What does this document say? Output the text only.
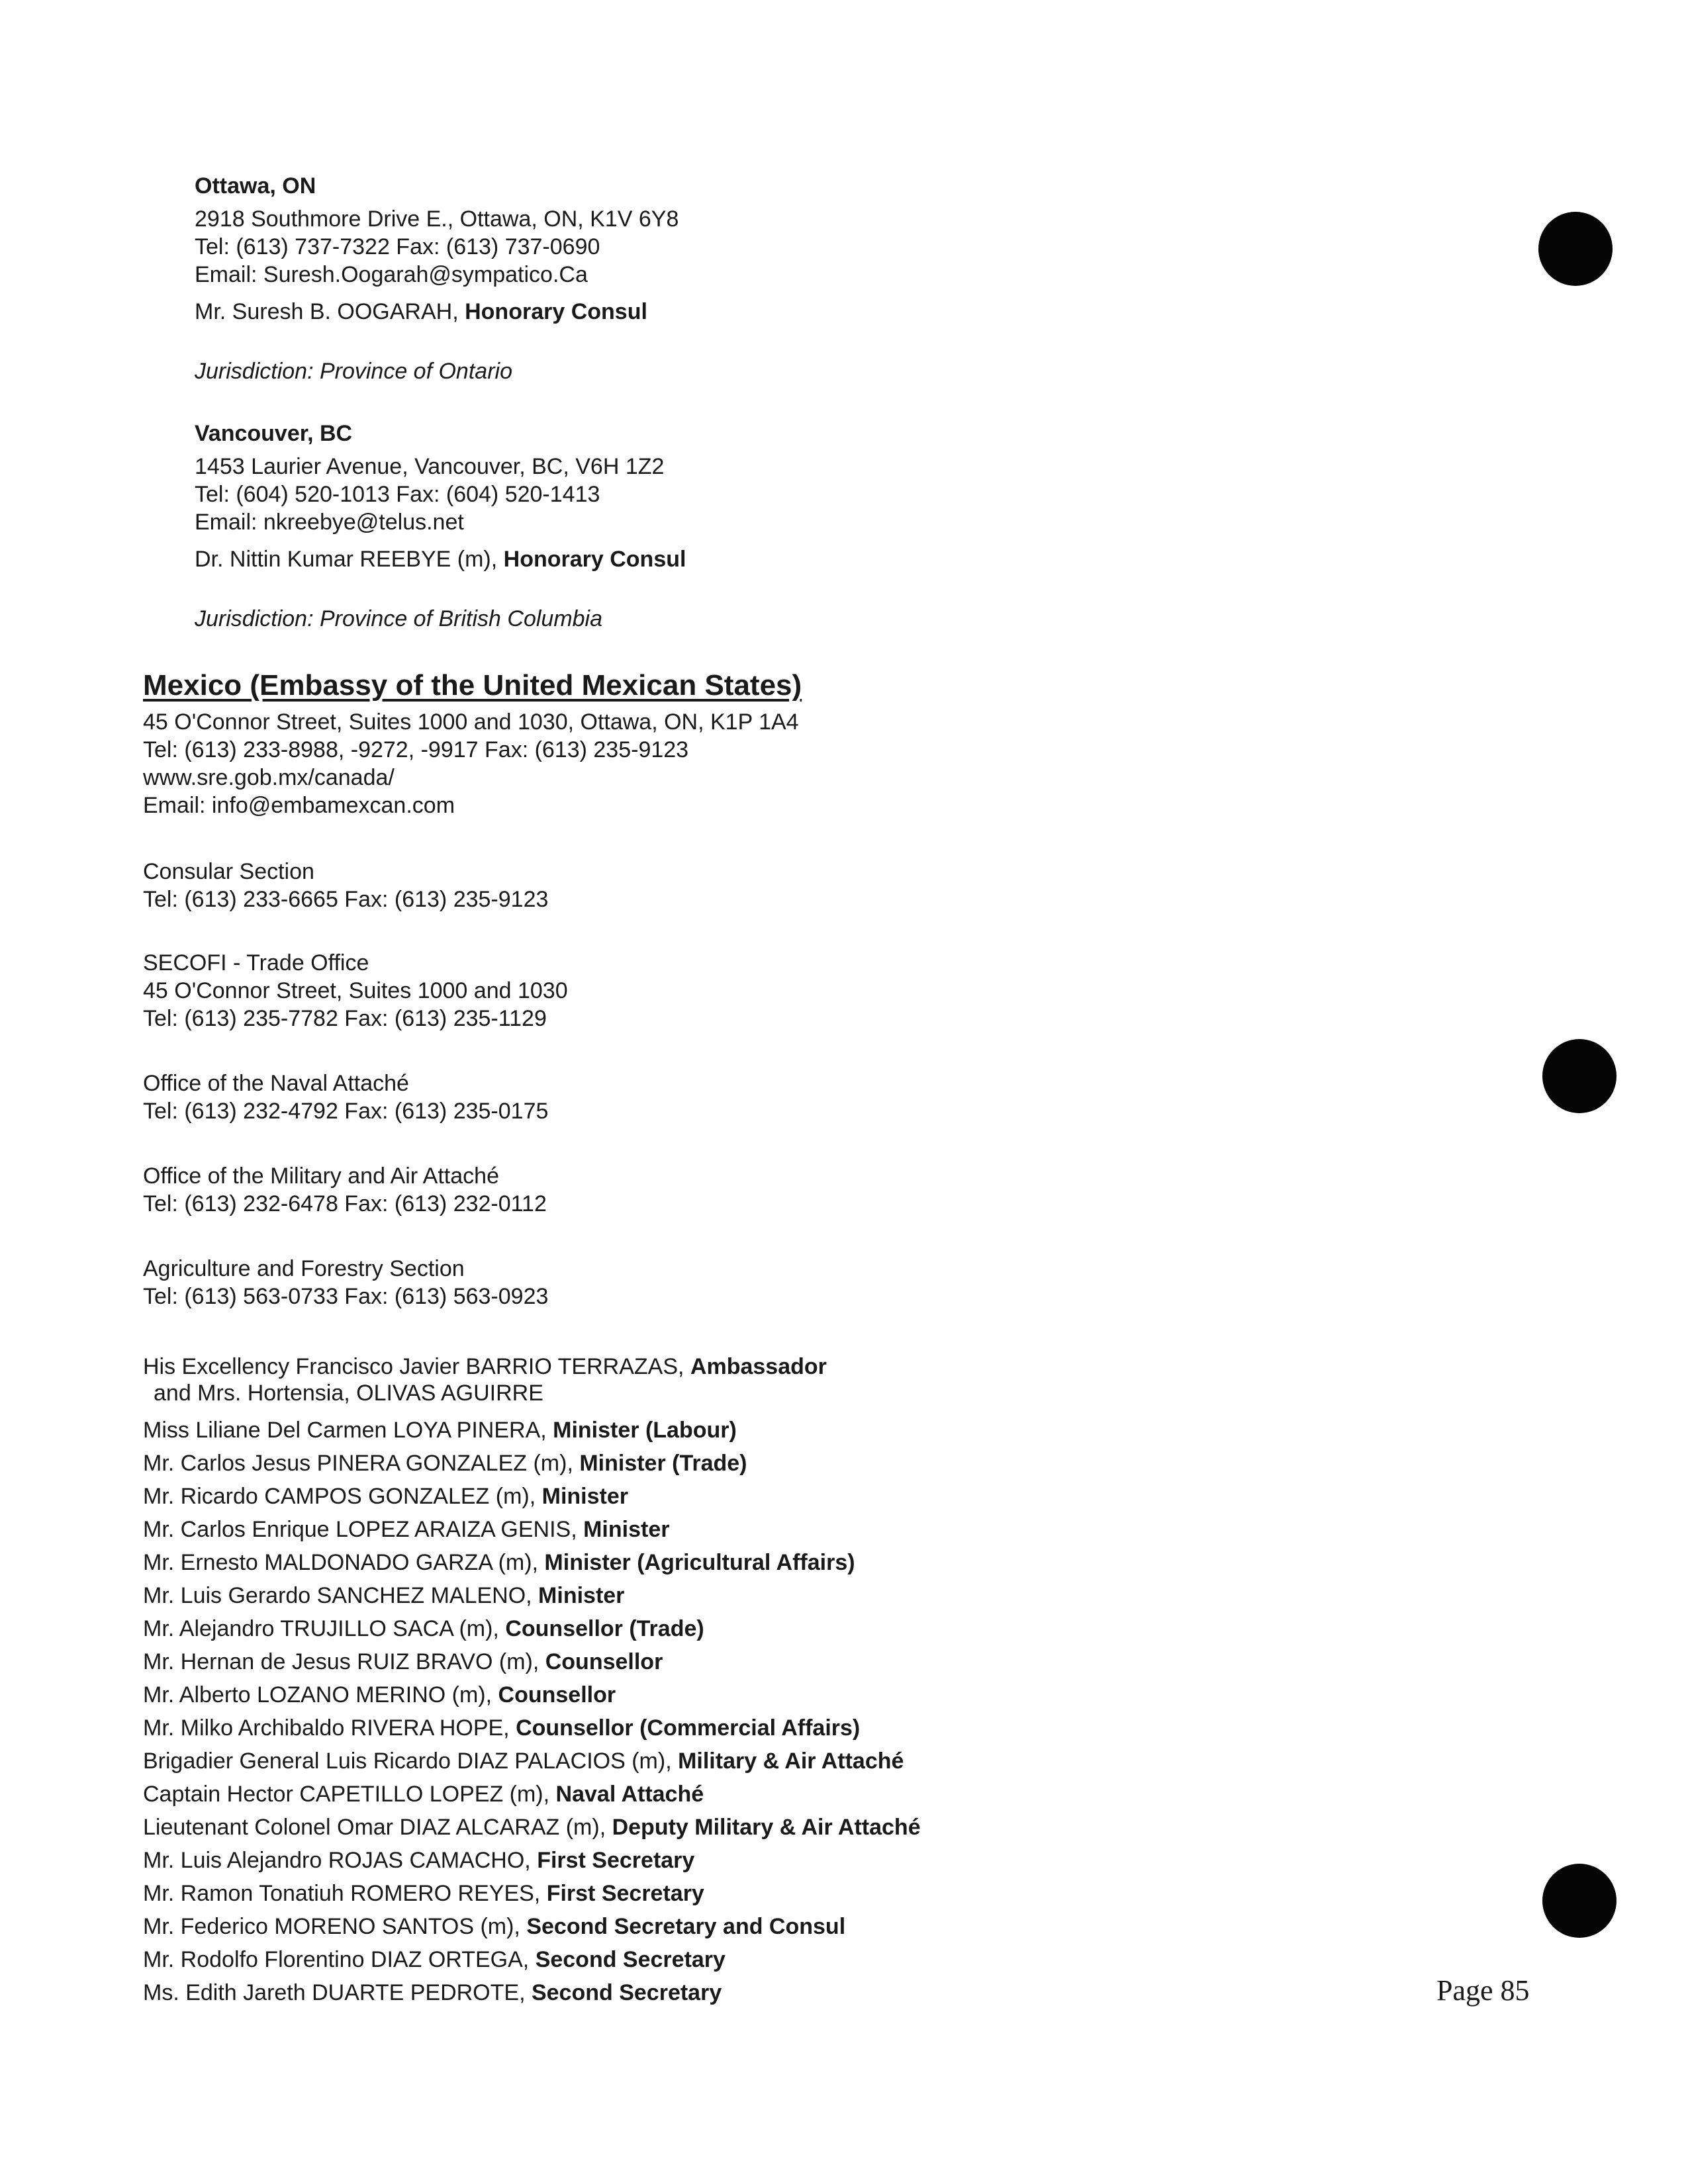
Ottawa, ON
2918 Southmore Drive E., Ottawa, ON, K1V 6Y8
Tel: (613) 737-7322 Fax: (613) 737-0690
Email: Suresh.Oogarah@sympatico.Ca
Mr. Suresh B. OOGARAH, Honorary Consul
Jurisdiction: Province of Ontario
Vancouver, BC
1453 Laurier Avenue, Vancouver, BC, V6H 1Z2
Tel: (604) 520-1013 Fax: (604) 520-1413
Email: nkreebye@telus.net
Dr. Nittin Kumar REEBYE (m), Honorary Consul
Jurisdiction: Province of British Columbia
Mexico (Embassy of the United Mexican States)
45 O'Connor Street, Suites 1000 and 1030, Ottawa, ON, K1P 1A4
Tel: (613) 233-8988, -9272, -9917 Fax: (613) 235-9123
www.sre.gob.mx/canada/
Email: info@embamexcan.com
Consular Section
Tel: (613) 233-6665 Fax: (613) 235-9123
SECOFI - Trade Office
45 O'Connor Street, Suites 1000 and 1030
Tel: (613) 235-7782 Fax: (613) 235-1129
Office of the Naval Attaché
Tel: (613) 232-4792 Fax: (613) 235-0175
Office of the Military and Air Attaché
Tel: (613) 232-6478 Fax: (613) 232-0112
Agriculture and Forestry Section
Tel: (613) 563-0733 Fax: (613) 563-0923
His Excellency Francisco Javier BARRIO TERRAZAS, Ambassador
and Mrs. Hortensia, OLIVAS AGUIRRE
Miss Liliane Del Carmen LOYA PINERA, Minister (Labour)
Mr. Carlos Jesus PINERA GONZALEZ (m), Minister (Trade)
Mr. Ricardo CAMPOS GONZALEZ (m), Minister
Mr. Carlos Enrique LOPEZ ARAIZA GENIS, Minister
Mr. Ernesto MALDONADO GARZA (m), Minister (Agricultural Affairs)
Mr. Luis Gerardo SANCHEZ MALENO, Minister
Mr. Alejandro TRUJILLO SACA (m), Counsellor (Trade)
Mr. Hernan de Jesus RUIZ BRAVO (m), Counsellor
Mr. Alberto LOZANO MERINO (m), Counsellor
Mr. Milko Archibaldo RIVERA HOPE, Counsellor (Commercial Affairs)
Brigadier General Luis Ricardo DIAZ PALACIOS (m), Military & Air Attaché
Captain Hector CAPETILLO LOPEZ (m), Naval Attaché
Lieutenant Colonel Omar DIAZ ALCARAZ (m), Deputy Military & Air Attaché
Mr. Luis Alejandro ROJAS CAMACHO, First Secretary
Mr. Ramon Tonatiuh ROMERO REYES, First Secretary
Mr. Federico MORENO SANTOS (m), Second Secretary and Consul
Mr. Rodolfo Florentino DIAZ ORTEGA, Second Secretary
Ms. Edith Jareth DUARTE PEDROTE, Second Secretary	Page 85
